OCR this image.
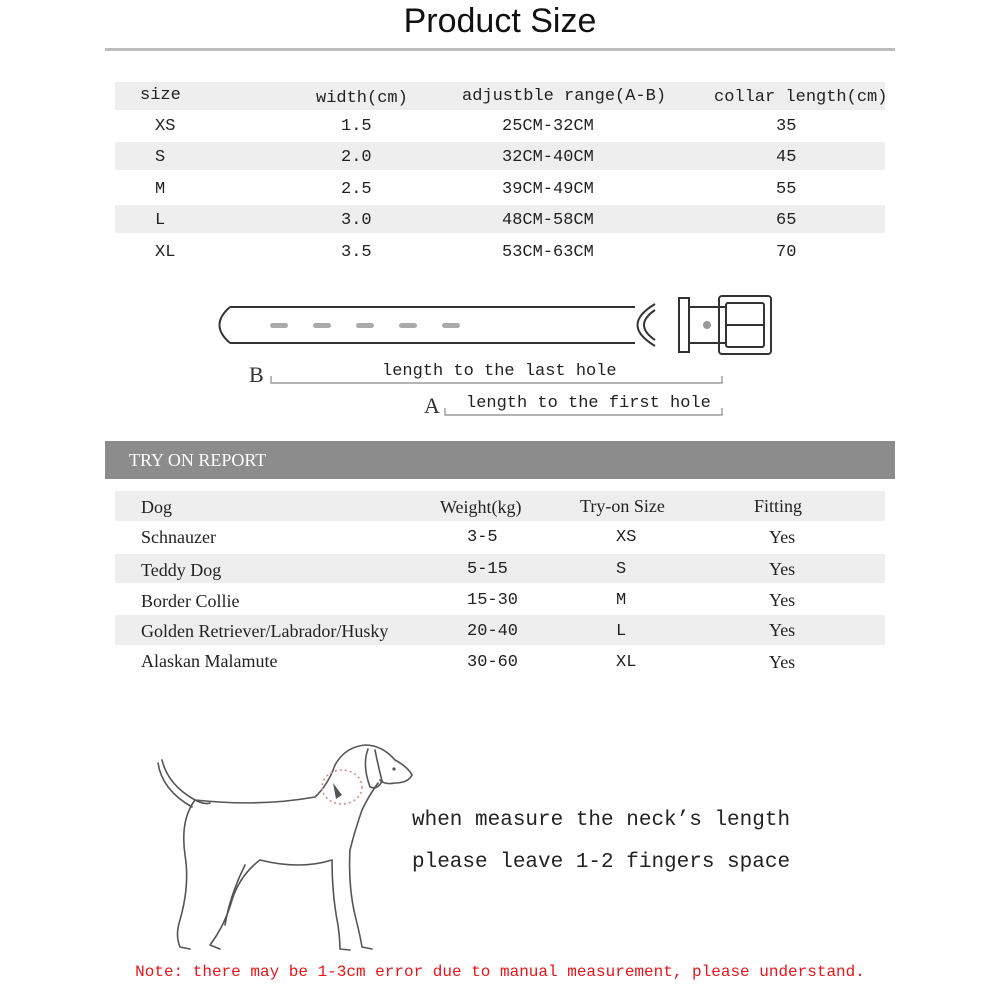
Product Size
size	width(cm)	adjustble range(A-B)	collar length(cm)
XS	1.5	25CM-32CM	35
S	2.0	32CM-40CM	45
M	2.5	39CM-49CM	55
L	3.0	48CM-58CM	65
XL	3.5	53CM-63CM	70
B
A
length to the last hole
length to the first hole
TRY ON REPORT
Dog	Weight(kg)	Try-on Size	Fitting
Schnauzer	3-5	XS	Yes
Teddy Dog	5-15	S	Yes
Border Collie	15-30	M	Yes
Golden Retriever/Labrador/Husky	20-40	L	Yes
Alaskan Malamute	30-60	XL	Yes
when measure the neck’s length
please leave 1-2 fingers space
Note: there may be 1-3cm error due to manual measurement, please understand.
